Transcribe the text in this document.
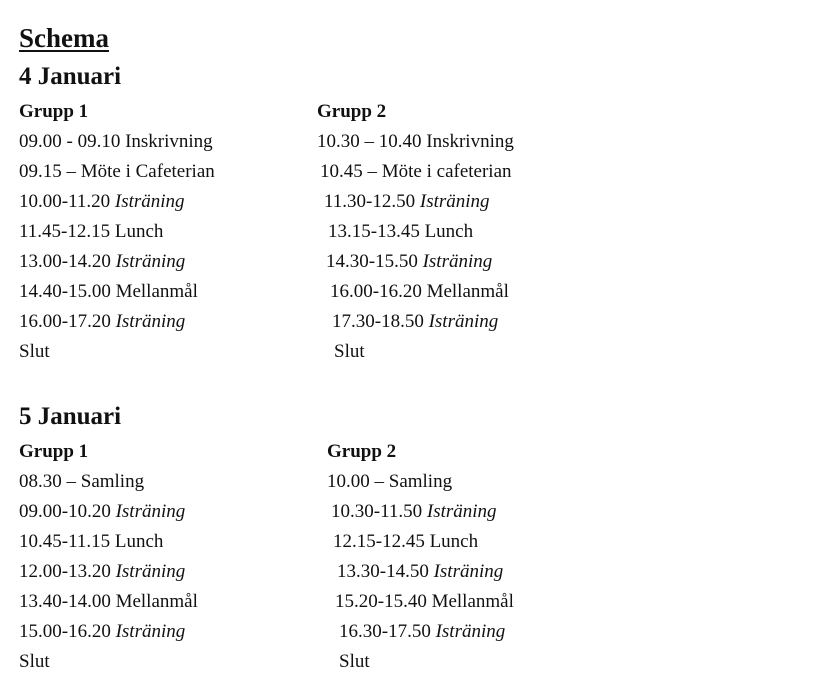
Schema
4 Januari
Grupp 1
09.00 - 09.10 Inskrivning
09.15 – Möte i Cafeterian
10.00-11.20 Isträning
11.45-12.15 Lunch
13.00-14.20 Isträning
14.40-15.00 Mellanmål
16.00-17.20 Isträning
Slut
Grupp 2
10.30 – 10.40 Inskrivning
10.45 – Möte i cafeterian
11.30-12.50 Isträning
13.15-13.45 Lunch
14.30-15.50 Isträning
16.00-16.20 Mellanmål
17.30-18.50 Isträning
Slut
5 Januari
Grupp 1
08.30 – Samling
09.00-10.20 Isträning
10.45-11.15 Lunch
12.00-13.20 Isträning
13.40-14.00 Mellanmål
15.00-16.20 Isträning
Slut
Grupp 2
10.00 – Samling
10.30-11.50 Isträning
12.15-12.45 Lunch
13.30-14.50 Isträning
15.20-15.40 Mellanmål
16.30-17.50 Isträning
Slut
